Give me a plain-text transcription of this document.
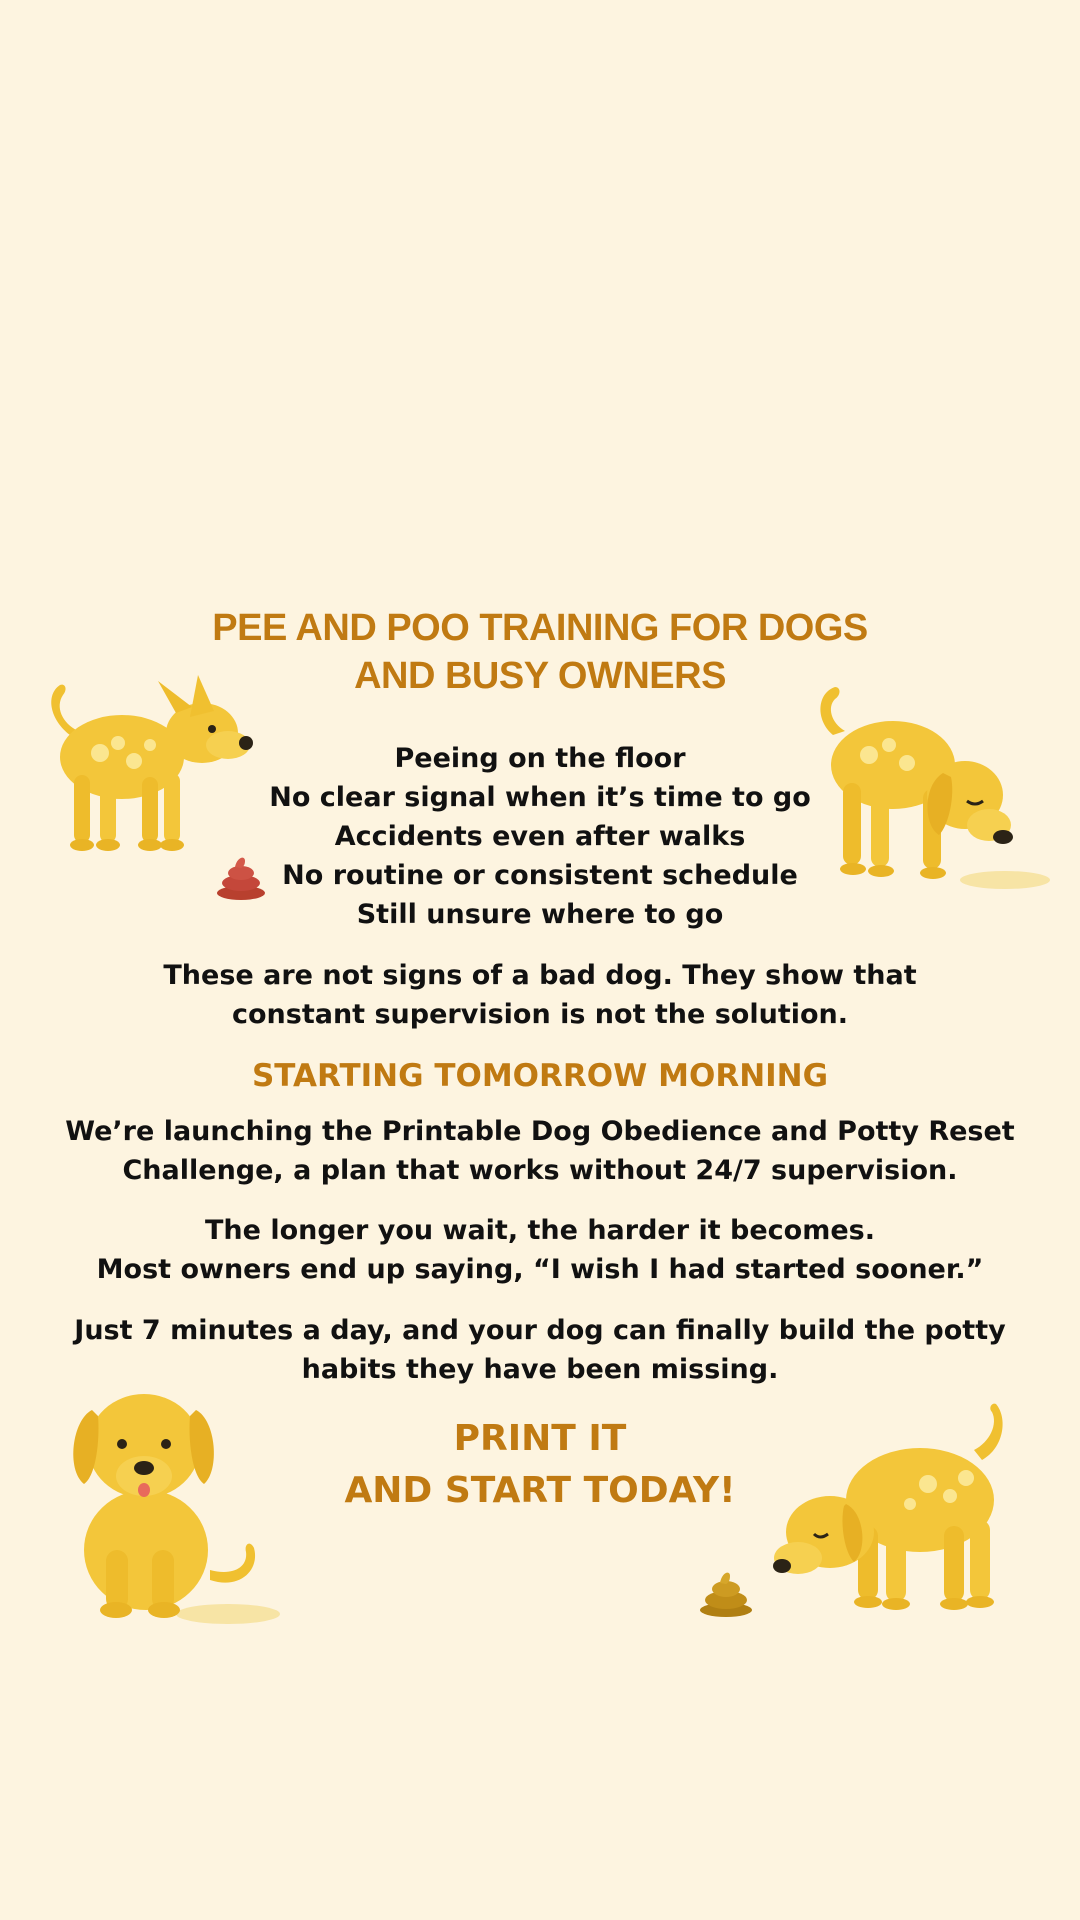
PEE AND POO TRAINING FOR DOGS
AND BUSY OWNERS
Peeing on the floor
No clear signal when it’s time to go
Accidents even after walks
No routine or consistent schedule
Still unsure where to go

These are not signs of a bad dog. They show that
constant supervision is not the solution.

STARTING TOMORROW MORNING

We’re launching the Printable Dog Obedience and Potty Reset
Challenge, a plan that works without 24/7 supervision.

The longer you wait, the harder it becomes.
Most owners end up saying, “I wish I had started sooner.”

Just 7 minutes a day, and your dog can finally build the potty
habits they have been missing.

PRINT IT
AND START TODAY!
